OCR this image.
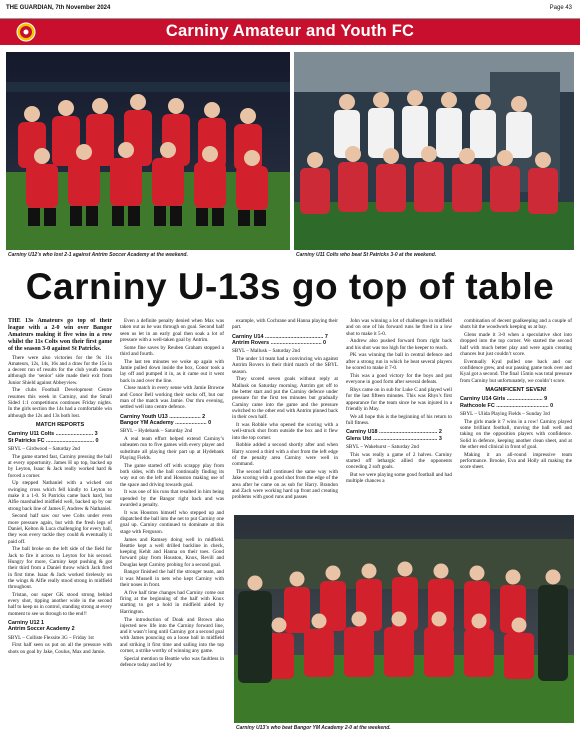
THE GUARDIAN, 7th November 2024	Page 43
Carniny Amateur and Youth FC
Carniny U12’s who lost 2-1 against Antrim Soccer Academy at the weekend.	Carniny U11 Colts who beat St Patricks 3-0 at the weekend.
Carniny U-13s go top of table

THE 13s Amateurs go top of their league with a 2-0 win over Bangor Amateurs making it five wins in a row whilst the 11s Colts won their first game of the season 3-0 against St Patricks.

There were also victories for the 9s 11s Amateurs, 12s, 14s, 16s and a draw for the 15s in a decent run of results for the club youth teams although the ‘senior’ side made their exit from Junior Shield against Abbeyview.

The clubs Football Development Centre resumes this week in Carniny, and the Small Sided 1:1 competitions continues Friday nights. In the girls section the 14s had a comfortable win although the 12s and 13s both lost.

MATCH REPORTS

Carniny U11 Colts ......................... 3

St Patricks FC ................................ 0

SBYL – Girdwood – Saturday 2nd

The game started fast, Carniny pressing the ball at every opportunity. James H up top, backed up by Leyton, Isaac & Jack really worked hard & forced a corner.

Up stepped Nathaniel with a wicked out swinging cross which fell kindly to Leyton to make it a 1-0. St Patricks came back hard, but Alfie marshalled midfield well, backed up by our strong back line of James F, Andrew & Nathaniel.

Second half saw our wee Colts under even more pressure again, but with the fresh legs of Daniel, Kelton & Luca challenging for every ball, they won every tackle they could & eventually it paid off.

The ball broke on the left side of the field for Jack to fire it across to Leyton for his second. Hungry for more, Carniny kept pushing & got their third from a Daniel throw which Jack fired in first time. Isaac & Jack worked tirelessly on the wings & Alfie really stood strong in midfield throughout.

Tristan, our super GK stood strong behind every shot, tipping another wide in the second half to keep us in control, standing strong at every moment to see us through to the end!!

Carniny U12 1

Antrim Soccer Academy 2

SBYL – Colliste Flexsite 3G – Friday 1st

First half seen us put on all the pressure with shots on goal by Jake, Coulus, Max and Jamie.

Even a definite penalty denied when Max was taken out as he was through on goal. Second half seen us let in an early goal then soak a lot of pressure with a well-taken goal by Antrim.

Some fine saves by Reuben Graham stopped a third and fourth.

The last ten minutes we woke up again with Jamie pulled down inside the box, Conor took a lay off and pumped it in, as it came out it went back in and over the line.

Close match in every sense with Jamie Browne and Conor Bell working their socks off, but our man of the match was Jamie. Our thru evening, settled well into centre defence.

Carniny Youth U13 ..................... 2

Bangor YM Academy ..................... 0

SBYL – Hydebank – Saturday 2nd

A real team effort helped extend Carniny’s unbeaten run to five games with every player and substitute all playing their part up at Hydebank Playing Fields.

The game started off with scrappy play from both sides, with the ball continually finding its way out on the left and Houston making use of the space and driving towards goal.

It was one of his runs that resulted in him being upended by the Bangor right back and was awarded a penalty.

It was Houston himself who stepped up and dispatched the ball into the net to put Carniny one goal up. Carniny continued to dominate at this stage with Ferguson.

James and Ramsey doing well in midfield. Beattie kept a well drilled backline in check, keeping Kehlt and Hanna on their toes. Good forward play from Houston, Knox, Revill and Douglas kept Carniny probing for a second goal.

Bangor finished the half the stronger team, and it was Mussell in nets who kept Carniny with their noses in front.

A five half time changes had Carniny come out firing at the beginning of the half with Knox starting to get a hold in midfield aided by Harrington.

The introduction of Doak and Brown also injected new life into the Carniny forward line, and it wasn’t long until Carniny got a second goal with James pouncing on a loose ball in midfield and striking it first time and sailing into the top corner, a strike worthy of winning any game.

Special mention to Beattie who was faultless in defence today and led by

example, with Cochrane and Hanna playing their part.

Carniny U14 ....................................... 7

Antrim Rovers .................................. 0

SBYL – Mallusk – Saturday 2nd

The under 14 team had a convincing win against Antrim Rovers in their third match of the SBYL season.

They scored seven goals without reply at Mallusk on Saturday morning. Antrim got off to the better start and put the Carniny defence under pressure for the first ten minutes but gradually Carniny came into the game and the pressure switched to the other end with Antrim pinned back in their own half.

It was Robbie who opened the scoring with a well-struck shot from outside the box and it flew into the top corner.

Robbie added a second shortly after and when Harry scored a third with a shot from the left edge of the penalty area Carniny were well in command.

The second half continued the same way with Jake scoring with a good shot from the edge of the area after he came on as sub for Harry. Brandon and Zach were working hard up front and creating problems with good runs and passes

John was winning a lot of challenges in midfield and on one of his forward runs he fired in a low shot to make it 5-0.

Andrew also pushed forward from right back and his shot was too high for the keeper to reach.

PK was winning the ball in central defence and after a strong run in which he beat several players he scored to make it 7-0.

This was a good victory for the boys and put everyone in good form after several defeats.

Rhys came on in sub for Luke C and played well for the last fifteen minutes. This was Rhys’s first appearance for the team since he was injured in a friendly in May.

We all hope this is the beginning of his return to full fitness.

Carniny U18 ....................................... 2

Glens Utd ........................................... 3

SBYL – Wakehurst – Saturday 2nd

This was really a game of 2 halves. Carniny started off lethargic allied the opponents conceding 2 soft goals.

But we were playing some good football and had multiple chances a

combination of decent goalkeeping and a couple of shots hit the woodwork keeping us at bay.

Glens made it 3-0 when a speculative shot into dropped into the top corner. We started the second half with much better play and were again creating chances but just couldn’t score.

Eventually Kyal pulled one back and our confidence grew, and our passing game took over and Kyal got a second. The final 15min was total pressure from Carniny but unfortunately, we couldn’t score.

MAGNIFICENT SEVEN!

Carniny U14 Girls ........................ 9

Rathcoole FC ................................... 0

SBYL – Ulida Playing Fields – Sunday 3rd

The girls made it 7 wins in a row! Carniny played some brilliant football, moving the ball well and taking on the opposition players with confidence. Solid in defence, keeping another clean sheet, and at the other end clinical in front of goal.

Making it an all-round impressive team performance. Brooke, Eva and Holly all making the score sheet.

Carniny U13’s who beat Bangor YM Academy 2-0 at the weekend.
